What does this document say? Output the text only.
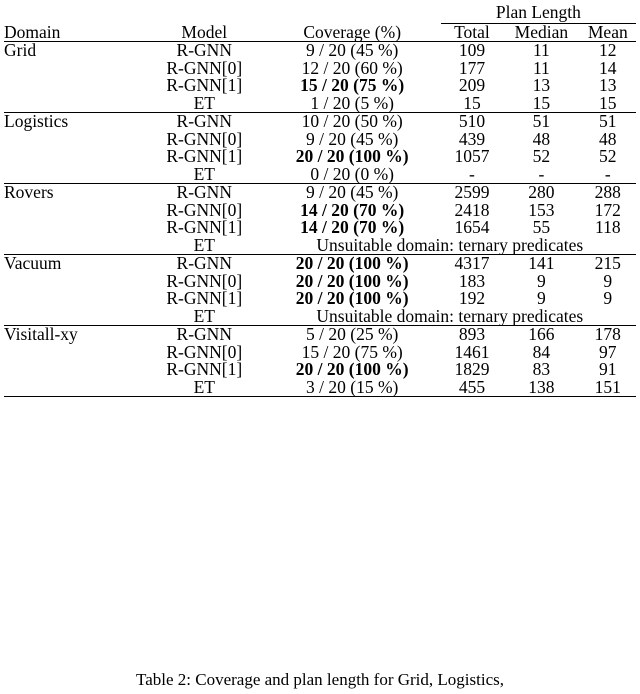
			Plan Length		

Domain	Model	Coverage (%)	Total	Median	Mean

Grid	R-GNN	9 / 20 (45 %)	109	11	12
	R-GNN[0]	12 / 20 (60 %)	177	11	14
	R-GNN[1]	15 / 20 (75 %)	209	13	13
	ET	1 / 20 (5 %)	15	15	15

Logistics	R-GNN	10 / 20 (50 %)	510	51	51
	R-GNN[0]	9 / 20 (45 %)	439	48	48
	R-GNN[1]	20 / 20 (100 %)	1057	52	52
	ET	0 / 20 (0 %)	-	-	-

Rovers	R-GNN	9 / 20 (45 %)	2599	280	288
	R-GNN[0]	14 / 20 (70 %)	2418	153	172
	R-GNN[1]	14 / 20 (70 %)	1654	55	118
	ET	Unsuitable domain: ternary predicates			

Vacuum	R-GNN	20 / 20 (100 %)	4317	141	215
	R-GNN[0]	20 / 20 (100 %)	183	9	9
	R-GNN[1]	20 / 20 (100 %)	192	9	9
	ET	Unsuitable domain: ternary predicates			

Visitall-xy	R-GNN	5 / 20 (25 %)	893	166	178
	R-GNN[0]	15 / 20 (75 %)	1461	84	97
	R-GNN[1]	20 / 20 (100 %)	1829	83	91
	ET	3 / 20 (15 %)	455	138	151

Table 2: Coverage and plan length for Grid, Logistics,
